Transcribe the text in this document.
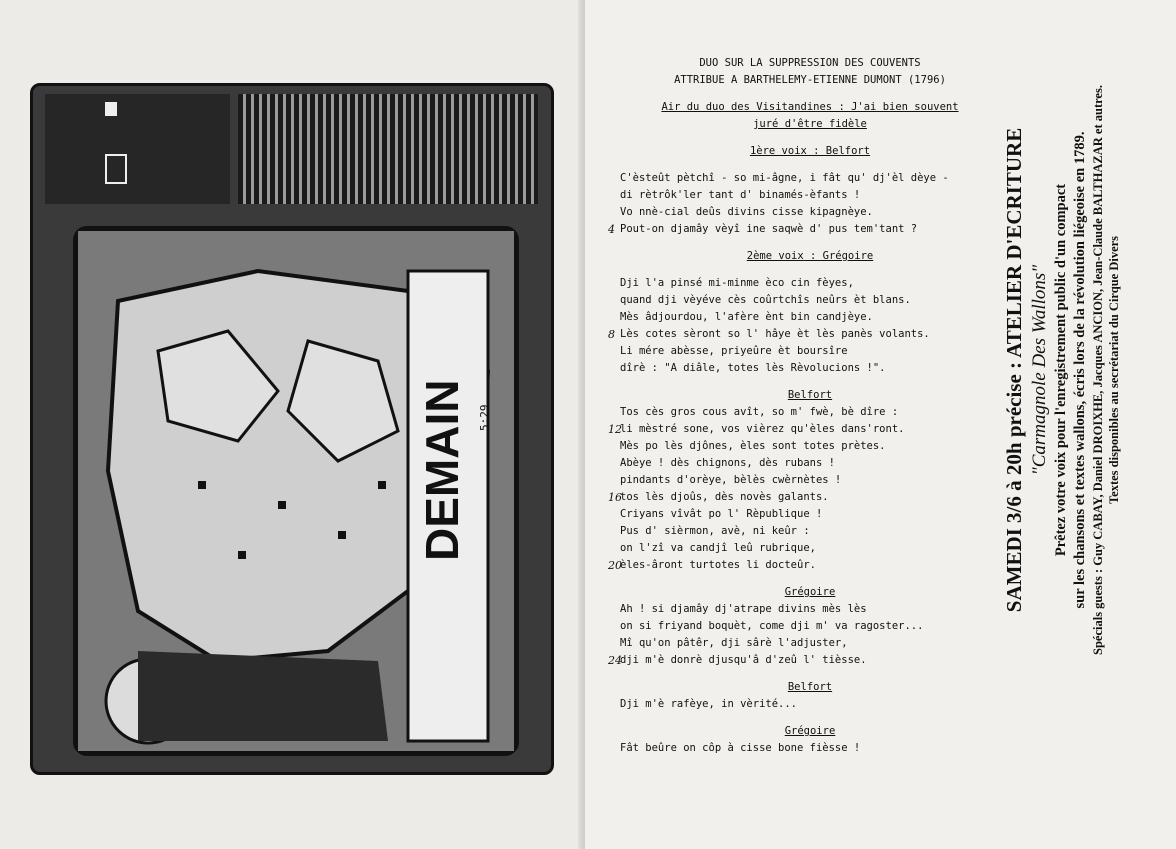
DEMAIN 5:29

DUO SUR LA SUPPRESSION DES COUVENTS

ATTRIBUE A BARTHELEMY-ETIENNE DUMONT (1796)

Air du duo des Visitandines : J'ai bien souvent

juré d'être fidèle

1ère voix : Belfort

C'èsteût pètchî - so mi-âgne, i fât qu' dj'èl dèye -

di rètrôk'ler tant d' binamés-èfants !

Vo nnè-cial deûs divins cisse kipagnèye.

4 Pout-on djamây vèyî ine saqwè d' pus tem'tant ?

2ème voix : Grégoire

Dji l'a pinsé mi-minme èco cin fèyes,

quand dji vèyéve cès coûrtchîs neûrs èt blans.

Mès âdjourdou, l'afère ènt bin candjèye.

8 Lès cotes sèront so l' hâye èt lès panès volants.

Li mére abèsse, priyeûre èt boursîre

dîrè : "A diâle, totes lès Rèvolucions !".

Belfort

Tos cès gros cous avît, so m' fwè, bè dîre :

12
li mèstré sone, vos vièrez qu'èles dans'ront.

Mès po lès djônes, èles sont totes prètes.

Abèye ! dès chignons, dès rubans !

pindants d'orèye, bèlès cwèrnètes !

16
tos lès djoûs, dès novès galants.

Criyans vîvât po l' Rèpublique !

Pus d' sièrmon, avè, ni keûr :

on l'zî va candjî leû rubrique,

20
èles-âront turtotes li docteûr.

Grégoire

Ah ! si djamây dj'atrape divins mès lès

on si friyand boquèt, come dji m' va ragoster...

Mî qu'on pâtêr, dji sârè l'adjuster,

24
dji m'è donrè djusqu'â d'zeû l' tièsse.

Belfort

Dji m'è rafèye, in vèrité...

Grégoire

Fât beûre on côp à cisse bone fièsse !

SAMEDI 3/6 à 20h précise : ATELIER D'ECRITURE "Carmagnole Des Wallons" Prêtez votre voix pour l'enregistrement public d'un compact sur les chansons et textes wallons, écris lors de la révolution liégeoise en 1789. Spécials guests : Guy CABAY, Daniel DROIXHE, Jacques ANCION, Jean-Claude BALTHAZAR et autres. Textes disponibles au secrétariat du Cirque Divers
